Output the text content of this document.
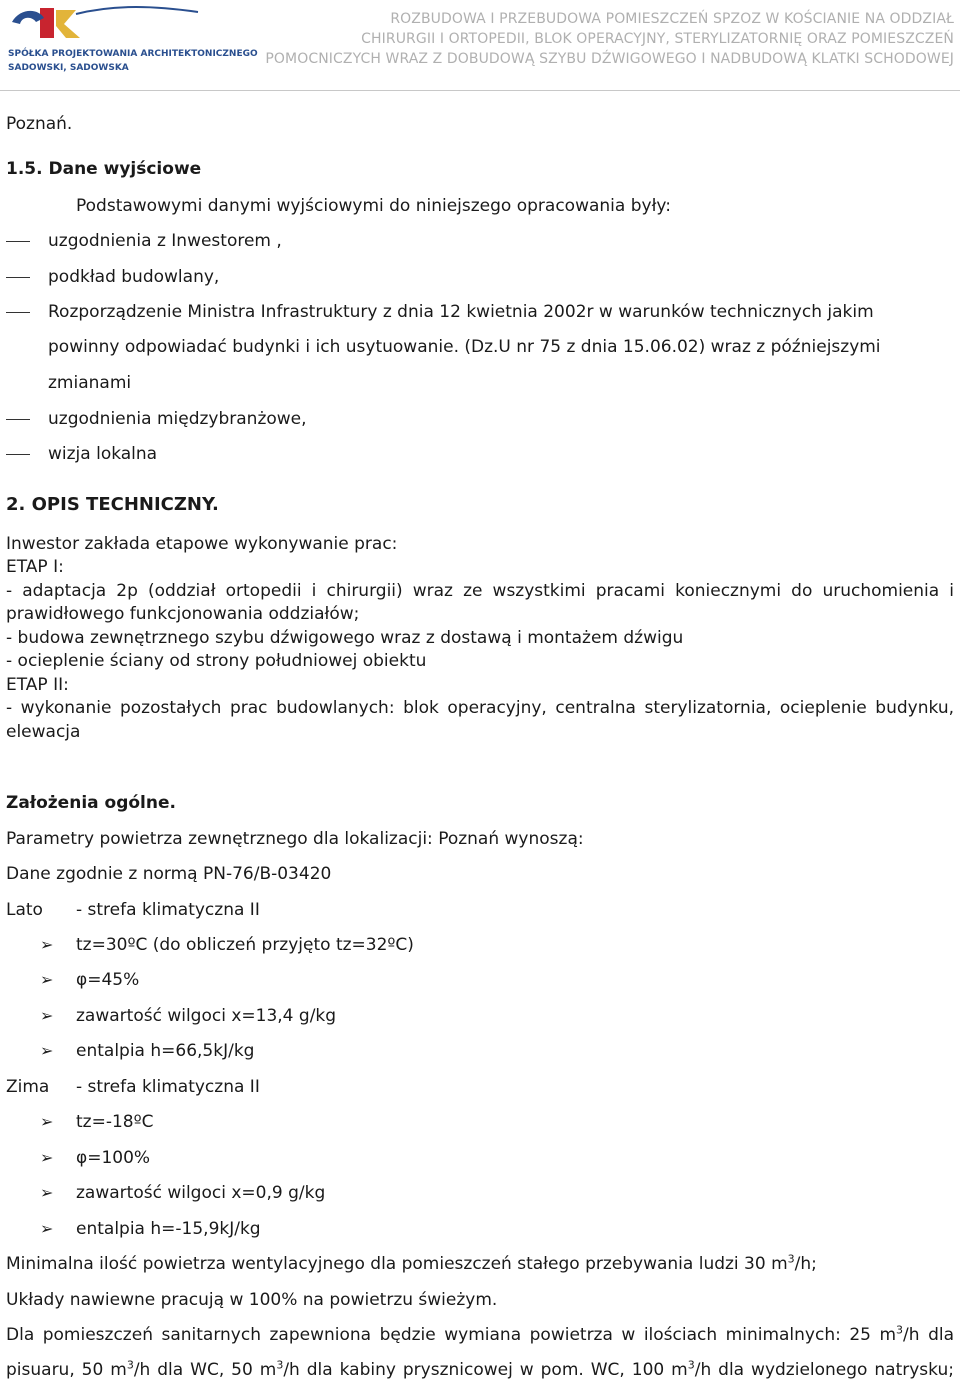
SPÓŁKA PROJEKTOWANIA ARCHITEKTONICZNEGO
SADOWSKI, SADOWSKA
ROZBUDOWA I PRZEBUDOWA POMIESZCZEŃ SPZOZ W KOŚCIANIE NA ODDZIAŁ
CHIRURGII I ORTOPEDII, BLOK OPERACYJNY, STERYLIZATORNIĘ ORAZ POMIESZCZEŃ
POMOCNICZYCH WRAZ Z DOBUDOWĄ SZYBU DŹWIGOWEGO I NADBUDOWĄ KLATKI SCHODOWEJ
Poznań.
1.5. Dane wyjściowe
Podstawowymi danymi wyjściowymi do niniejszego opracowania były:
uzgodnienia z Inwestorem ,
podkład budowlany,
Rozporządzenie Ministra Infrastruktury z dnia 12 kwietnia 2002r w warunków technicznych jakim
powinny odpowiadać budynki i ich usytuowanie. (Dz.U nr 75 z dnia 15.06.02) wraz z późniejszymi
zmianami
uzgodnienia międzybranżowe,
wizja lokalna
2. OPIS TECHNICZNY.
Inwestor zakłada etapowe wykonywanie prac:
ETAP I:
- adaptacja 2p (oddział ortopedii i chirurgii) wraz ze wszystkimi pracami koniecznymi do uruchomienia i
prawidłowego funkcjonowania oddziałów;
- budowa zewnętrznego szybu dźwigowego wraz z dostawą i montażem dźwigu
- ocieplenie ściany od strony południowej obiektu
ETAP II:
- wykonanie pozostałych prac budowlanych: blok operacyjny, centralna sterylizatornia, ocieplenie budynku,
elewacja
Założenia ogólne.
Parametry powietrza zewnętrznego dla lokalizacji: Poznań wynoszą:
Dane zgodnie z normą PN-76/B-03420
Lato - strefa klimatyczna II
➢ tz=30ºC (do obliczeń przyjęto tz=32ºC)
➢ φ=45%
➢ zawartość wilgoci x=13,4 g/kg
➢ entalpia h=66,5kJ/kg
Zima - strefa klimatyczna II
➢ tz=-18ºC
➢ φ=100%
➢ zawartość wilgoci x=0,9 g/kg
➢ entalpia h=-15,9kJ/kg
Minimalna ilość powietrza wentylacyjnego dla pomieszczeń stałego przebywania ludzi 30 $m^3/h$;
Układy nawiewne pracują w 100% na powietrzu świeżym.
Dla pomieszczeń sanitarnych zapewniona będzie wymiana powietrza w ilościach minimalnych: 25 $m^3/h$ dla
pisuaru, 50 $m^3/h$ dla WC, 50 $m^3/h$ dla kabiny prysznicowej w pom. WC, 100 $m^3/h$ dla wydzielonego natrysku;
